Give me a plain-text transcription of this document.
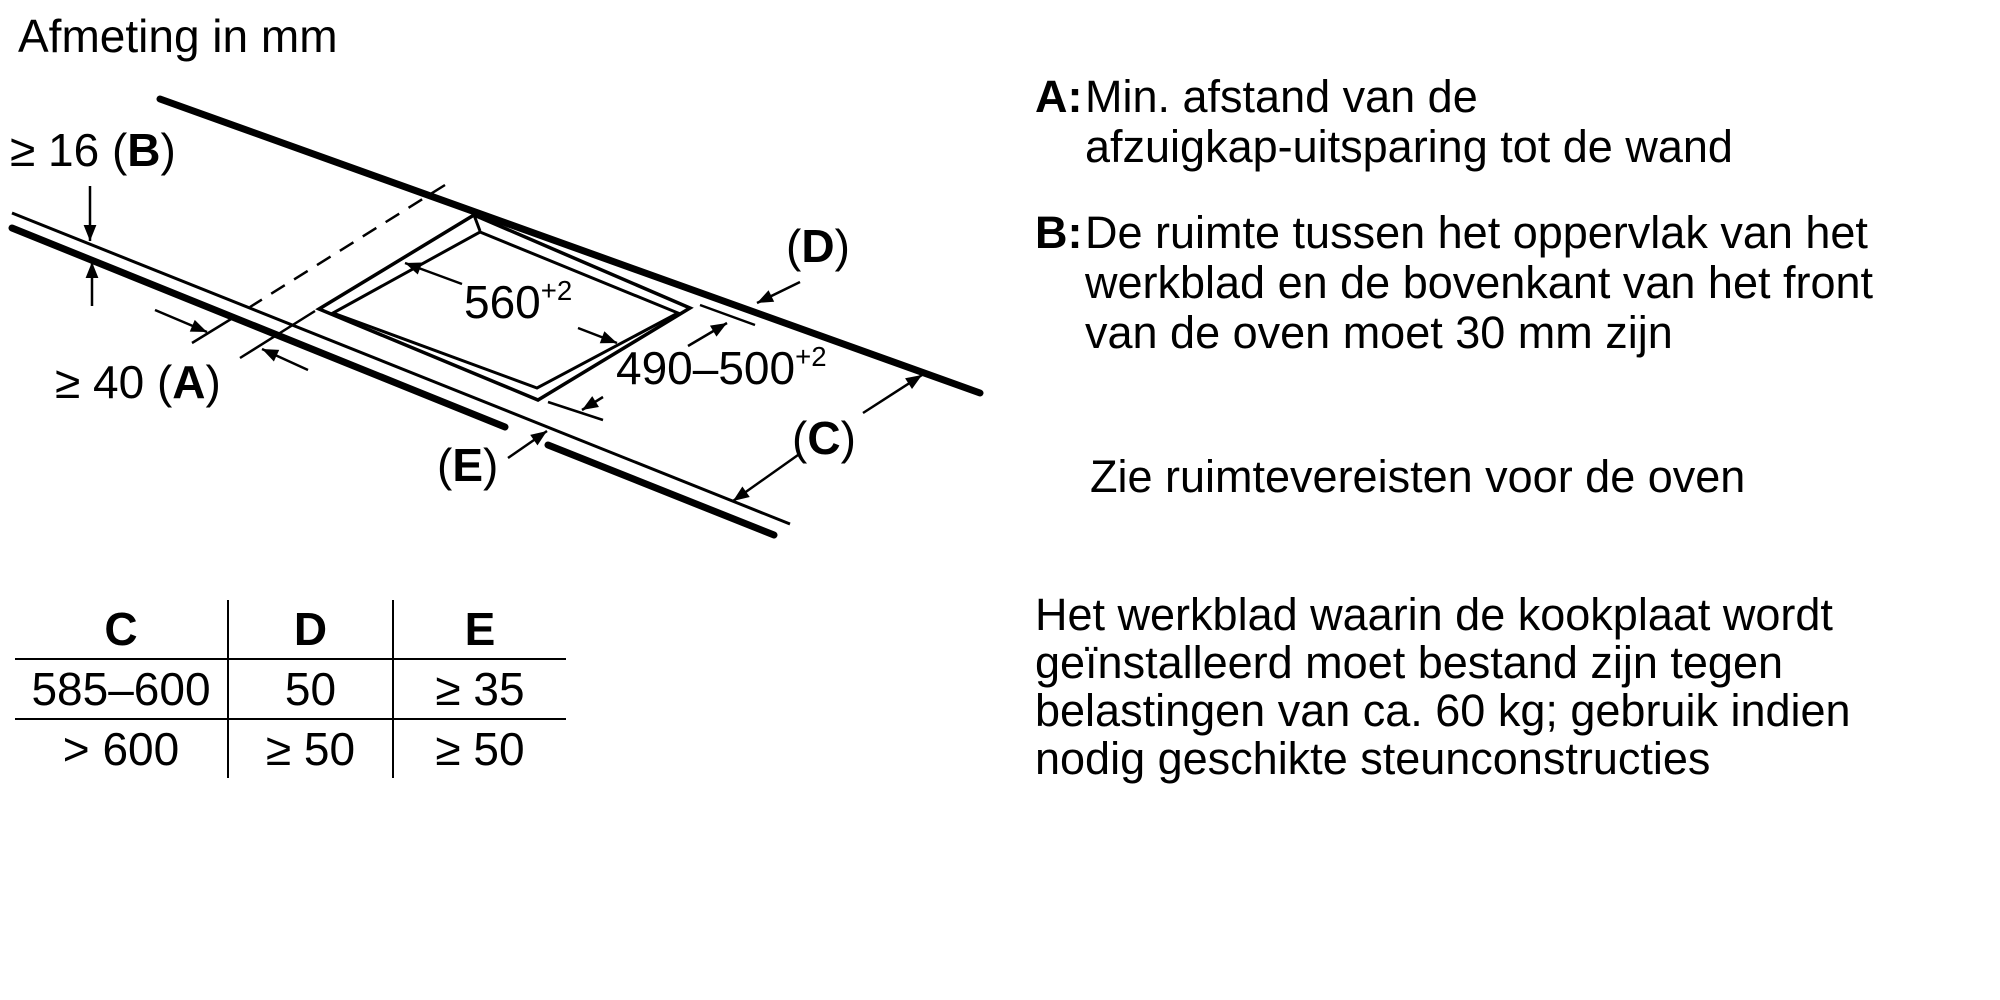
Afmeting in mm
≥ 16 (B)
≥ 40 (A)
$560^{+2}$
$490-500^{+2}$
(D)
(C)
(E)
C	D	E
585–600	50	≥ 35
> 600	≥ 50	≥ 50
A: Min. afstand van de
afzuigkap-uitsparing tot de wand
B: De ruimte tussen het oppervlak van het
werkblad en de bovenkant van het front
van de oven moet 30 mm zijn
Zie ruimtevereisten voor de oven
Het werkblad waarin de kookplaat wordt
geïnstalleerd moet bestand zijn tegen
belastingen van ca. 60 kg; gebruik indien
nodig geschikte steunconstructies
